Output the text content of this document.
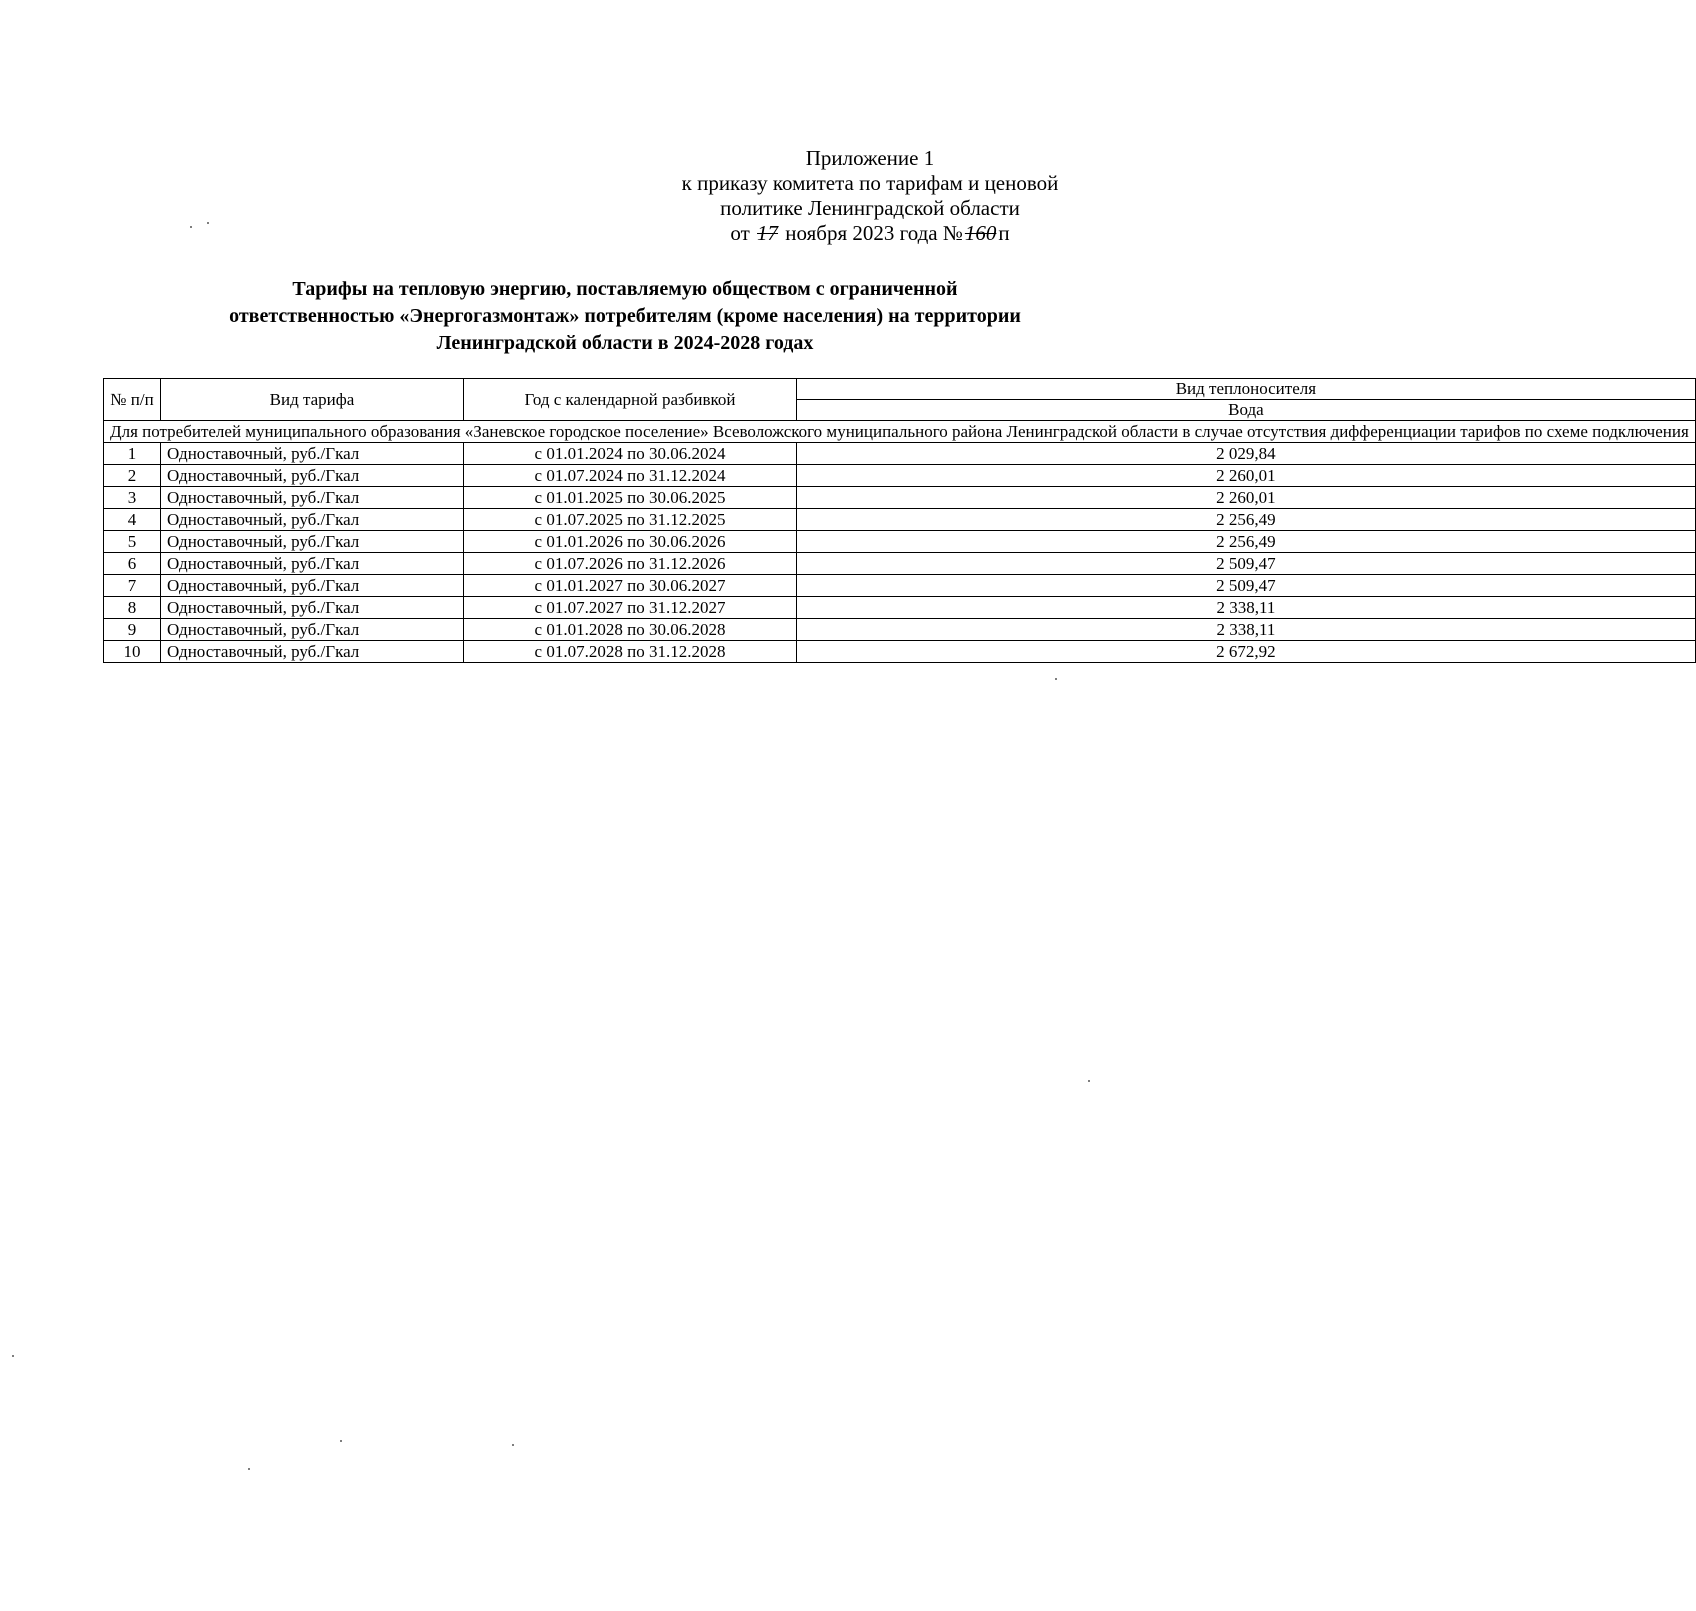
Приложение 1
к приказу комитета по тарифам и ценовой
политике Ленинградской области
от 17 ноября 2023 года №160п
Тарифы на тепловую энергию, поставляемую обществом с ограниченной
ответственностью «Энергогазмонтаж» потребителям (кроме населения) на территории
Ленинградской области в 2024-2028 годах
№ п/п	Вид тарифа	Год с календарной разбивкой	Вид теплоносителя
			Вода
Для потребителей муниципального образования «Заневское городское поселение» Всеволожского муниципального района Ленинградской области в случае отсутствия дифференциации тарифов по схеме подключения			
1	Одноставочный, руб./Гкал	с 01.01.2024 по 30.06.2024	2 029,84
2	Одноставочный, руб./Гкал	с 01.07.2024 по 31.12.2024	2 260,01
3	Одноставочный, руб./Гкал	с 01.01.2025 по 30.06.2025	2 260,01
4	Одноставочный, руб./Гкал	с 01.07.2025 по 31.12.2025	2 256,49
5	Одноставочный, руб./Гкал	с 01.01.2026 по 30.06.2026	2 256,49
6	Одноставочный, руб./Гкал	с 01.07.2026 по 31.12.2026	2 509,47
7	Одноставочный, руб./Гкал	с 01.01.2027 по 30.06.2027	2 509,47
8	Одноставочный, руб./Гкал	с 01.07.2027 по 31.12.2027	2 338,11
9	Одноставочный, руб./Гкал	с 01.01.2028 по 30.06.2028	2 338,11
10	Одноставочный, руб./Гкал	с 01.07.2028 по 31.12.2028	2 672,92
